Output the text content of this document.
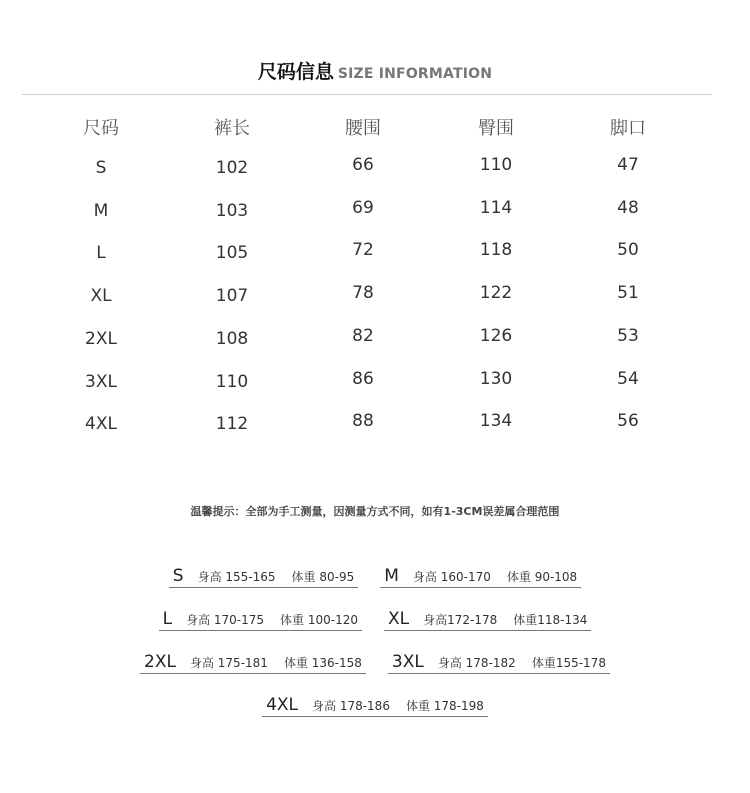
尺码信息 SIZE INFORMATION
尺码	裤长	腰围	臀围	脚口
S	102	66	110	47
M	103	69	114	48
L	105	72	118	50
XL	107	78	122	51
2XL	108	82	126	53
3XL	110	86	130	54
4XL	112	88	134	56
温馨提示：全部为手工测量，因测量方式不同，如有1-3CM误差属合理范围
S 身高 155-165 体重 80-95 M 身高 160-170 体重 90-108
L 身高 170-175 体重 100-120 XL 身高172-178 体重118-134
2XL 身高 175-181 体重 136-158 3XL 身高 178-182 体重155-178
4XL 身高 178-186 体重 178-198
